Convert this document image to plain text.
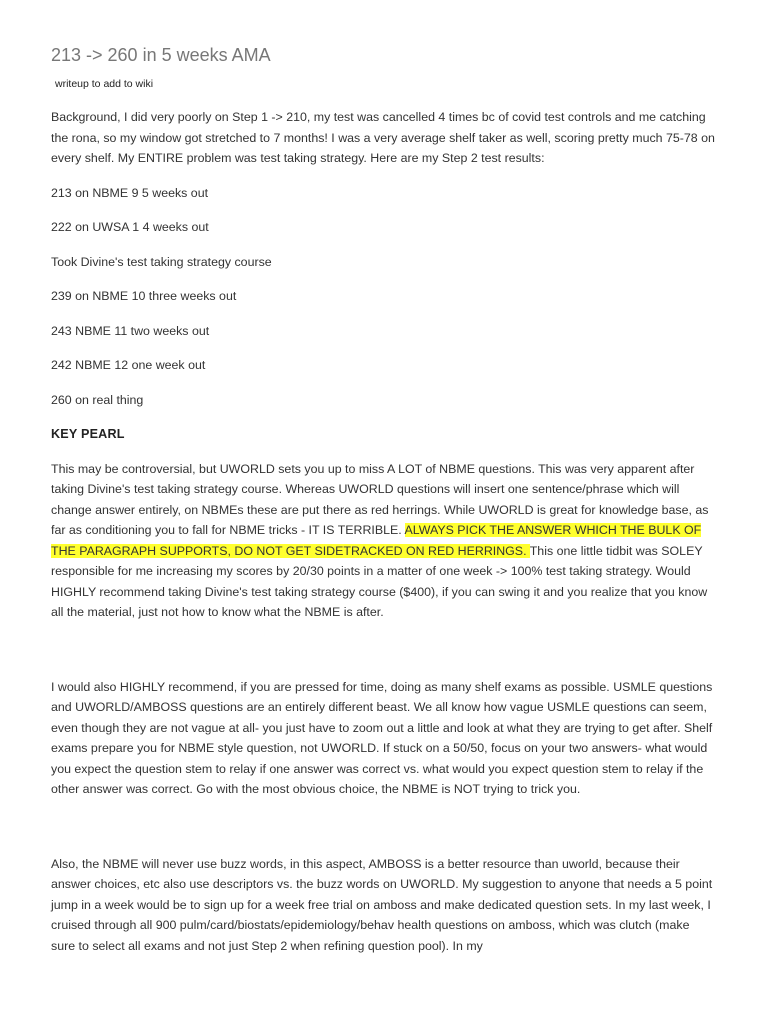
213 -> 260 in 5 weeks AMA
writeup to add to wiki

Background, I did very poorly on Step 1 -> 210, my test was cancelled 4 times bc of covid test controls and me catching the rona, so my window got stretched to 7 months! I was a very average shelf taker as well, scoring pretty much 75-78 on every shelf. My ENTIRE problem was test taking strategy. Here are my Step 2 test results:

213 on NBME 9 5 weeks out

222 on UWSA 1 4 weeks out

Took Divine's test taking strategy course

239 on NBME 10 three weeks out

243 NBME 11 two weeks out

242 NBME 12 one week out

260 on real thing

KEY PEARL

This may be controversial, but UWORLD sets you up to miss A LOT of NBME questions. This was very apparent after taking Divine's test taking strategy course. Whereas UWORLD questions will insert one sentence/phrase which will change answer entirely, on NBMEs these are put there as red herrings. While UWORLD is great for knowledge base, as far as conditioning you to fall for NBME tricks - IT IS TERRIBLE. ALWAYS PICK THE ANSWER WHICH THE BULK OF THE PARAGRAPH SUPPORTS, DO NOT GET SIDETRACKED ON RED HERRINGS. This one little tidbit was SOLEY responsible for me increasing my scores by 20/30 points in a matter of one week -> 100% test taking strategy. Would HIGHLY recommend taking Divine's test taking strategy course ($400), if you can swing it and you realize that you know all the material, just not how to know what the NBME is after.

I would also HIGHLY recommend, if you are pressed for time, doing as many shelf exams as possible. USMLE questions and UWORLD/AMBOSS questions are an entirely different beast. We all know how vague USMLE questions can seem, even though they are not vague at all- you just have to zoom out a little and look at what they are trying to get after. Shelf exams prepare you for NBME style question, not UWORLD. If stuck on a 50/50, focus on your two answers- what would you expect the question stem to relay if one answer was correct vs. what would you expect question stem to relay if the other answer was correct. Go with the most obvious choice, the NBME is NOT trying to trick you.

Also, the NBME will never use buzz words, in this aspect, AMBOSS is a better resource than uworld, because their answer choices, etc also use descriptors vs. the buzz words on UWORLD. My suggestion to anyone that needs a 5 point jump in a week would be to sign up for a week free trial on amboss and make dedicated question sets. In my last week, I cruised through all 900 pulm/card/biostats/epidemiology/behav health questions on amboss, which was clutch (make sure to select all exams and not just Step 2 when refining question pool). In my
